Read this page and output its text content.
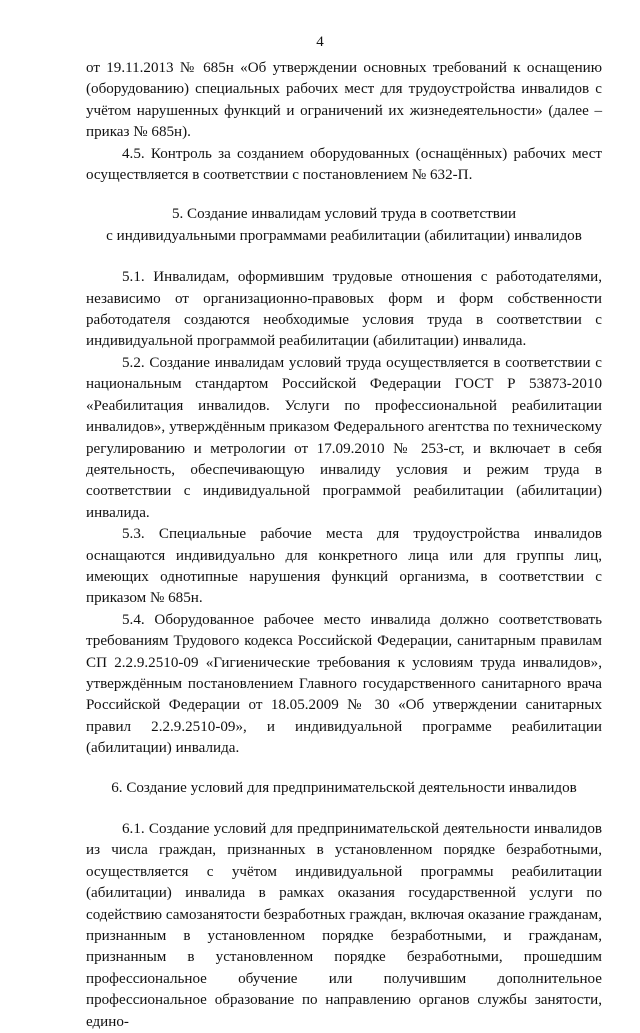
4

от 19.11.2013 № 685н «Об утверждении основных требований к оснащению (оборудованию) специальных рабочих мест для трудоустройства инвалидов с учётом нарушенных функций и ограничений их жизнедеятельности» (далее – приказ № 685н).

4.5. Контроль за созданием оборудованных (оснащённых) рабочих мест осуществляется в соответствии с постановлением № 632-П.

5. Создание инвалидам условий труда в соответствии
с индивидуальными программами реабилитации (абилитации) инвалидов

5.1. Инвалидам, оформившим трудовые отношения с работодателями, независимо от организационно-правовых форм и форм собственности работодателя создаются необходимые условия труда в соответствии с индивидуальной программой реабилитации (абилитации) инвалида.

5.2. Создание инвалидам условий труда осуществляется в соответствии с национальным стандартом Российской Федерации ГОСТ Р 53873-2010 «Реабилитация инвалидов. Услуги по профессиональной реабилитации инвалидов», утверждённым приказом Федерального агентства по техническому регулированию и метрологии от 17.09.2010 № 253-ст, и включает в себя деятельность, обеспечивающую инвалиду условия и режим труда в соответствии с индивидуальной программой реабилитации (абилитации) инвалида.

5.3. Специальные рабочие места для трудоустройства инвалидов оснащаются индивидуально для конкретного лица или для группы лиц, имеющих однотипные нарушения функций организма, в соответствии с приказом № 685н.

5.4. Оборудованное рабочее место инвалида должно соответствовать требованиям Трудового кодекса Российской Федерации, санитарным правилам СП 2.2.9.2510-09 «Гигиенические требования к условиям труда инвалидов», утверждённым постановлением Главного государственного санитарного врача Российской Федерации от 18.05.2009 № 30 «Об утверждении санитарных правил 2.2.9.2510-09», и индивидуальной программе реабилитации (абилитации) инвалида.

6. Создание условий для предпринимательской деятельности инвалидов

6.1. Создание условий для предпринимательской деятельности инвалидов из числа граждан, признанных в установленном порядке безработными, осуществляется с учётом индивидуальной программы реабилитации (абилитации) инвалида в рамках оказания государственной услуги по содействию самозанятости безработных граждан, включая оказание гражданам, признанным в установленном порядке безработными, и гражданам, признанным в установленном порядке безработными, прошедшим профессиональное обучение или получившим дополнительное профессиональное образование по направлению органов службы занятости, едино-
